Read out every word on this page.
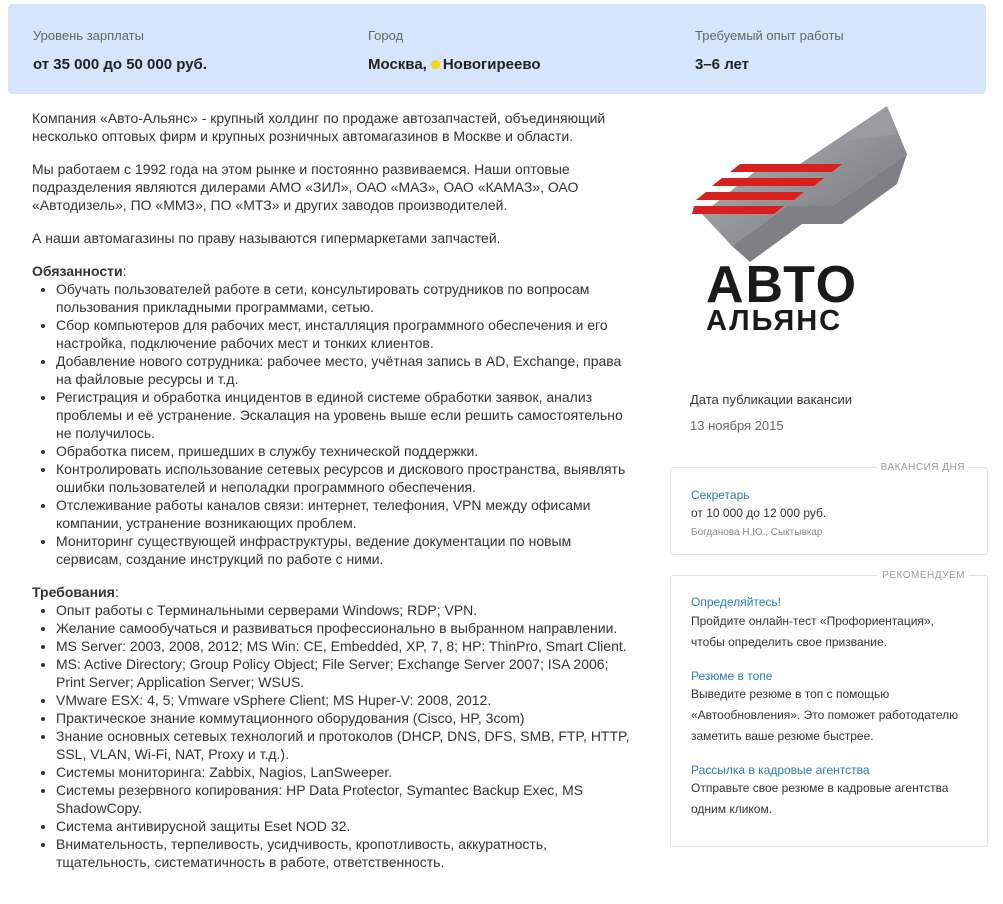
Уровень зарплаты
от 35 000 до 50 000 руб.
Город
Москва, Новогиреево
Требуемый опыт работы
3–6 лет

Компания «Авто-Альянс» - крупный холдинг по продаже автозапчастей, объединяющий несколько оптовых фирм и крупных розничных автомагазинов в Москве и области.

Мы работаем с 1992 года на этом рынке и постоянно развиваемся. Наши оптовые подразделения являются дилерами АМО «ЗИЛ», ОАО «МАЗ», ОАО «КАМАЗ», ОАО «Автодизель», ПО «ММЗ», ПО «МТЗ» и других заводов производителей.

А наши автомагазины по праву называются гипермаркетами запчастей.

Обязанности:
• Обучать пользователей работе в сети, консультировать сотрудников по вопросам пользования прикладными программами, сетью.
• Сбор компьютеров для рабочих мест, инсталляция программного обеспечения и его настройка, подключение рабочих мест и тонких клиентов.
• Добавление нового сотрудника: рабочее место, учётная запись в AD, Exchange, права на файловые ресурсы и т.д.
• Регистрация и обработка инцидентов в единой системе обработки заявок, анализ проблемы и её устранение. Эскалация на уровень выше если решить самостоятельно не получилось.
• Обработка писем, пришедших в службу технической поддержки.
• Контролировать использование сетевых ресурсов и дискового пространства, выявлять ошибки пользователей и неполадки программного обеспечения.
• Отслеживание работы каналов связи: интернет, телефония, VPN между офисами компании, устранение возникающих проблем.
• Мониторинг существующей инфраструктуры, ведение документации по новым сервисам, создание инструкций по работе с ними.
Требования:
• Опыт работы с Терминальными серверами Windows; RDP; VPN.
• Желание самообучаться и развиваться профессионально в выбранном направлении.
• MS Server: 2003, 2008, 2012; MS Win: CE, Embedded, XP, 7, 8; HP: ThinPro, Smart Client.
• MS: Active Directory; Group Policy Object; File Server; Exchange Server 2007; ISA 2006; Print Server; Application Server; WSUS.
• VMware ESX: 4, 5; Vmware vSphere Client; MS Huper-V: 2008, 2012.
• Практическое знание коммутационного оборудования (Cisco, HP, 3com)
• Знание основных сетевых технологий и протоколов (DHCP, DNS, DFS, SMB, FTP, HTTP, SSL, VLAN, Wi-Fi, NAT, Proxy и т.д.).
• Системы мониторинга: Zabbix, Nagios, LanSweeper.
• Системы резервного копирования: HP Data Protector, Symantec Backup Exec, MS ShadowCopy.
• Система антивирусной защиты Eset NOD 32.
• Внимательность, терпеливость, усидчивость, кропотливость, аккуратность, тщательность, систематичность в работе, ответственность.
АВТО
АЛЬЯНС
Дата публикации вакансии
13 ноября 2015
ВАКАНСИЯ ДНЯ
Секретарь
от 10 000 до 12 000 руб.
Богданова Н.Ю., Сыктывкар
РЕКОМЕНДУЕМ
Определяйтесь!
Пройдите онлайн-тест «Профориентация»,
чтобы определить свое призвание.
Резюме в топе
Выведите резюме в топ с помощью
«Автообновления». Это поможет работодателю
заметить ваше резюме быстрее.
Рассылка в кадровые агентства
Отправьте свое резюме в кадровые агентства
одним кликом.
